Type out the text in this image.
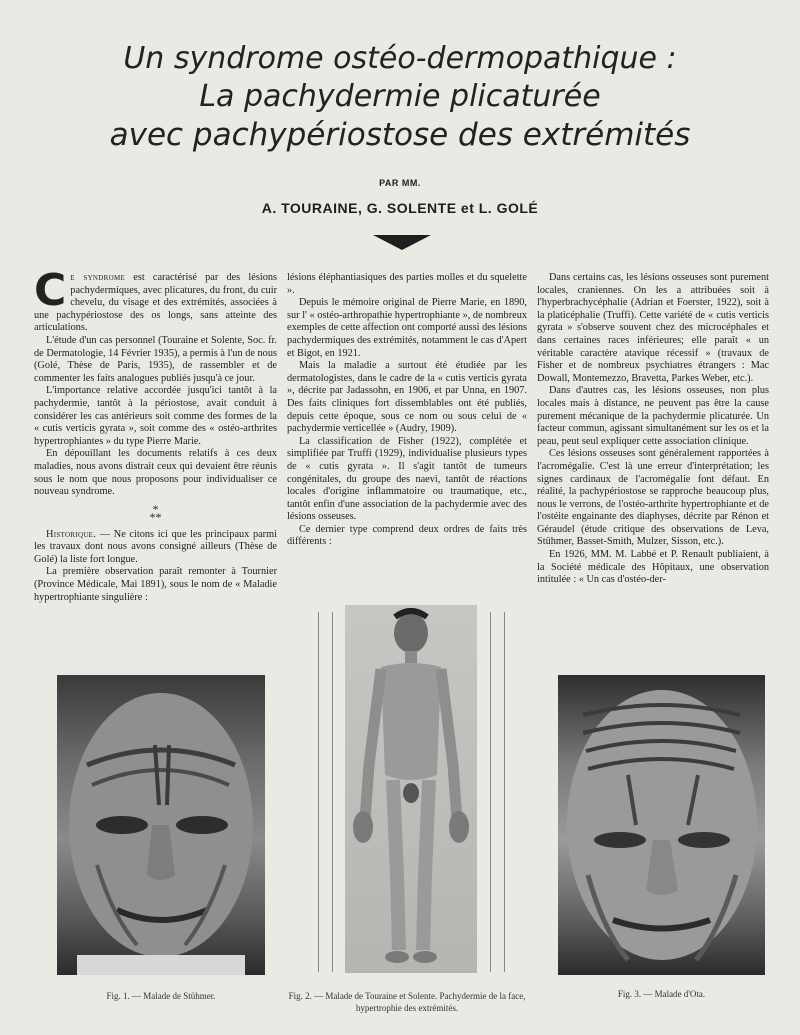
Un syndrome ostéo-dermopathique :
La pachydermie plicaturée
avec pachypériostose des extrémités
PAR MM.
A. TOURAINE, G. SOLENTE et L. GOLÉ

Ce syndrome est caractérisé par des lésions pachydermiques, avec plicatures, du front, du cuir chevelu, du visage et des extrémités, associées à une pachypériostose des os longs, sans atteinte des articulations.

L'étude d'un cas personnel (Touraine et Solente, Soc. fr. de Dermatologie, 14 Février 1935), a permis à l'un de nous (Golé, Thèse de Paris, 1935), de rassembler et de commenter les faits analogues publiés jusqu'à ce jour.

L'importance relative accordée jusqu'ici tantôt à la pachydermie, tantôt à la périostose, avait conduit à considérer les cas antérieurs soit comme des formes de la « cutis verticis gyrata », soit comme des « ostéo-arthrites hypertrophiantes » du type Pierre Marie.

En dépouillant les documents relatifs à ces deux maladies, nous avons distrait ceux qui devaient être réunis sous le nom que nous proposons pour individualiser ce nouveau syndrome.

*
**

Historique. — Ne citons ici que les principaux parmi les travaux dont nous avons consigné ailleurs (Thèse de Golé) la liste fort longue.

La première observation paraît remonter à Tournier (Province Médicale, Mai 1891), sous le nom de « Maladie hypertrophiante singulière :

lésions éléphantiasiques des parties molles et du squelette ».

Depuis le mémoire original de Pierre Marie, en 1890, sur l' « ostéo-arthropathie hypertrophiante », de nombreux exemples de cette affection ont comporté aussi des lésions pachydermiques des extrémités, notamment le cas d'Apert et Bigot, en 1921.

Mais la maladie a surtout été étudiée par les dermatologistes, dans le cadre de la « cutis verticis gyrata », décrite par Jadassohn, en 1906, et par Unna, en 1907. Des faits cliniques fort dissemblables ont été publiés, depuis cette époque, sous ce nom ou sous celui de « pachydermie verticellée » (Audry, 1909).

La classification de Fisher (1922), complétée et simplifiée par Truffi (1929), individualise plusieurs types de « cutis gyrata ». Il s'agit tantôt de tumeurs congénitales, du groupe des naevi, tantôt de réactions locales d'origine inflammatoire ou traumatique, etc., tantôt enfin d'une association de la pachydermie avec des lésions osseuses.

Ce dernier type comprend deux ordres de faits très différents :

Dans certains cas, les lésions osseuses sont purement locales, craniennes. On les a attribuées soit à l'hyperbrachycéphalie (Adrian et Foerster, 1922), soit à la platicéphalie (Truffi). Cette variété de « cutis verticis gyrata » s'observe souvent chez des microcéphales et dans certaines races inférieures; elle paraît « un véritable caractère atavique récessif » (travaux de Fisher et de nombreux psychiatres étrangers : Mac Dowall, Montemezzo, Bravetta, Parkes Weber, etc.).

Dans d'autres cas, les lésions osseuses, non plus locales mais à distance, ne peuvent pas être la cause purement mécanique de la pachydermie plicaturée. Un facteur commun, agissant simultanément sur les os et la peau, peut seul expliquer cette association clinique.

Ces lésions osseuses sont généralement rapportées à l'acromégalie. C'est là une erreur d'interprétation; les signes cardinaux de l'acromégalie font défaut. En réalité, la pachypériostose se rapproche beaucoup plus, nous le verrons, de l'ostéo-arthrite hypertrophiante et de l'ostéite engainante des diaphyses, décrite par Rénon et Géraudel (étude critique des observations de Leva, Stühmer, Basset-Smith, Mulzer, Sisson, etc.).

En 1926, MM. M. Labbé et P. Renault publiaient, à la Société médicale des Hôpitaux, une observation intitulée : « Un cas d'ostéo-der-

Fig. 1. — Malade de Stühmer.	Fig. 2. — Malade de Touraine et Solente. Pachydermie de la face, hypertrophie des extrémités.
Fig. 3. — Malade d'Ota.
